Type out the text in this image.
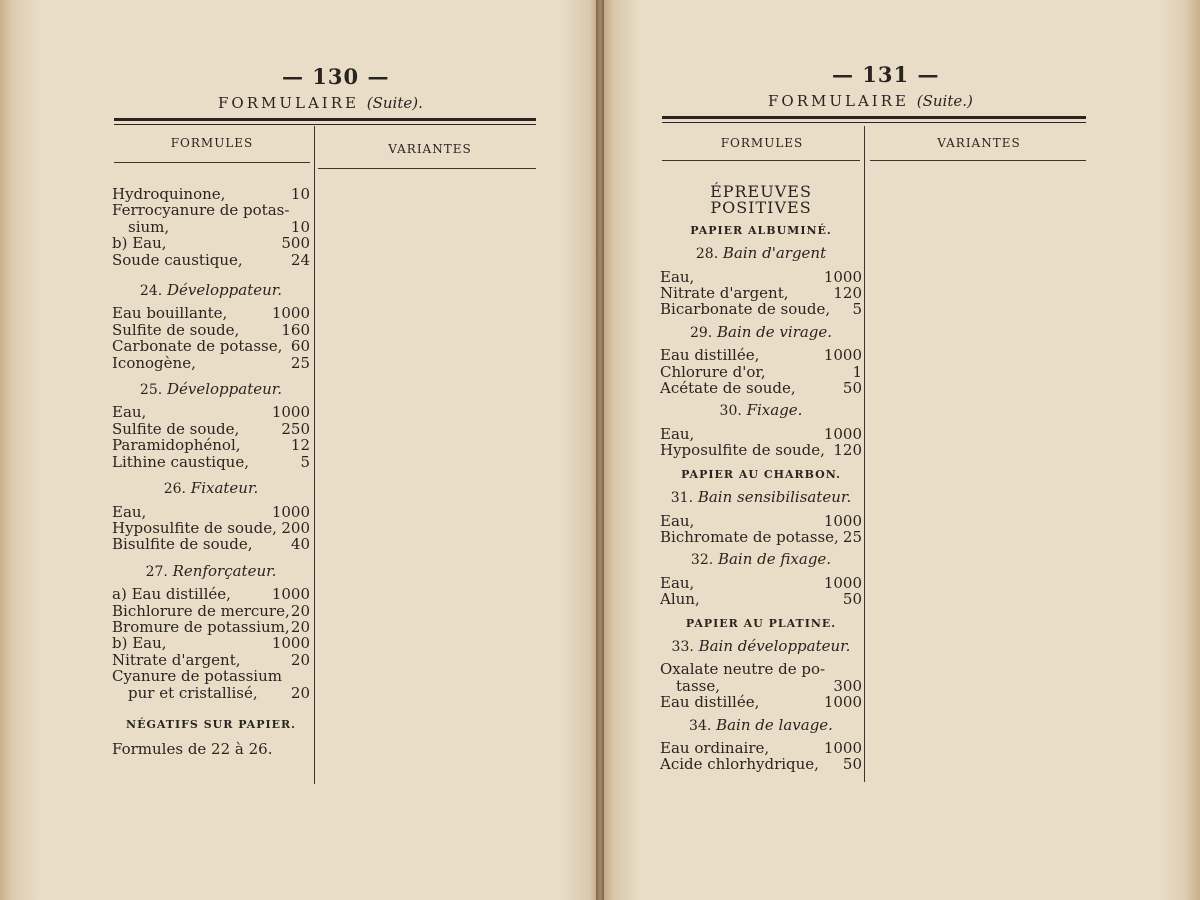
— 130 —
FORMULAIRE (Suite).
FORMULES	VARIANTES
Hydroquinone,	10
Ferrocyanure de potas-
sium,	10
b) Eau,	500
Soude caustique,	24
24. Développateur.
Eau bouillante,	1000
Sulfite de soude,	160
Carbonate de potasse, 60
Iconogène,	25
25. Développateur.
Eau,	1000
Sulfite de soude,	250
Paramidophénol,	12
Lithine caustique,	5
26. Fixateur.
Eau,	1000
Hyposulfite de soude, 200
Bisulfite de soude,	40
27. Renforçateur.
a) Eau distillée,	1000
Bichlorure de mercure, 20
Bromure de potassium, 20
b) Eau,	1000
Nitrate d'argent,	20
Cyanure de potassium
pur et cristallisé, 20
NÉGATIFS SUR PAPIER.
Formules de 22 à 26.
— 131 —
FORMULAIRE (Suite.)
FORMULES	VARIANTES
ÉPREUVES POSITIVES
PAPIER ALBUMINÉ.
28. Bain d'argent
Eau,	1000
Nitrate d'argent,	120
Bicarbonate de soude, 5
29. Bain de virage.
Eau distillée,	1000
Chlorure d'or,	1
Acétate de soude,	50
30. Fixage.
Eau,	1000
Hyposulfite de soude, 120
PAPIER AU CHARBON.
31. Bain sensibilisateur.
Eau,	1000
Bichromate de potasse, 25
32. Bain de fixage.
Eau,	1000
Alun,	50
PAPIER AU PLATINE.
33. Bain développateur.
Oxalate neutre de po-
tasse,	300
Eau distillée,	1000
34. Bain de lavage.
Eau ordinaire,	1000
Acide chlorhydrique, 50
